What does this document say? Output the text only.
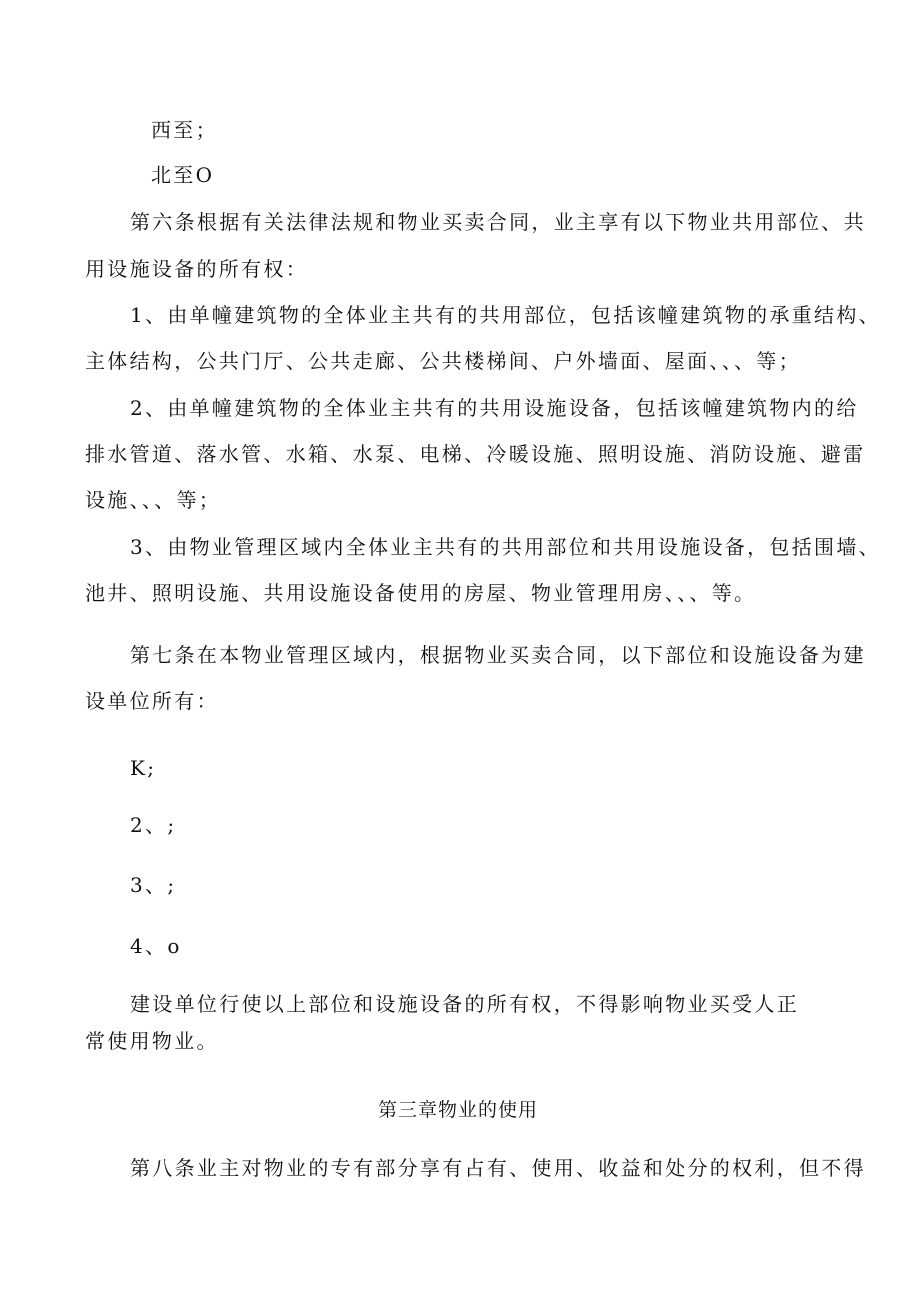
西至；
北至O
第六条根据有关法律法规和物业买卖合同，业主享有以下物业共用部位、共
用设施设备的所有权：
1、由单幢建筑物的全体业主共有的共用部位，包括该幢建筑物的承重结构、
主体结构，公共门厅、公共走廊、公共楼梯间、户外墙面、屋面、、、等；
2、由单幢建筑物的全体业主共有的共用设施设备，包括该幢建筑物内的给
排水管道、落水管、水箱、水泵、电梯、冷暖设施、照明设施、消防设施、避雷
设施、、、等；
3、由物业管理区域内全体业主共有的共用部位和共用设施设备，包括围墙、
池井、照明设施、共用设施设备使用的房屋、物业管理用房、、、等。
第七条在本物业管理区域内，根据物业买卖合同，以下部位和设施设备为建
设单位所有：
K;
2、;
3、;
4、o
建设单位行使以上部位和设施设备的所有权，不得影响物业买受人正
常使用物业。
第三章物业的使用
第八条业主对物业的专有部分享有占有、使用、收益和处分的权利，但不得
